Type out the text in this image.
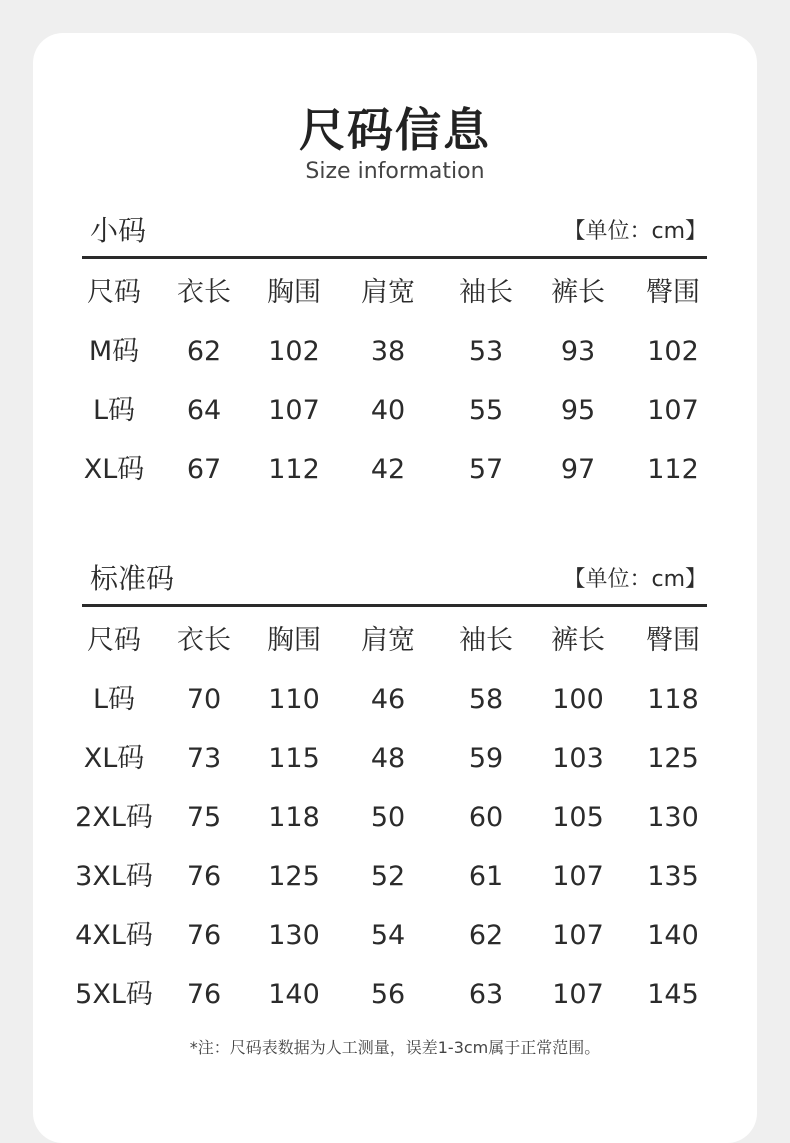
尺码信息
Size information
小码	【单位：cm】
尺码	衣长	胸围	肩宽	袖长	裤长	臀围
M码	62	102	38	53	93	102
L码	64	107	40	55	95	107
XL码	67	112	42	57	97	112
标准码	【单位：cm】
尺码	衣长	胸围	肩宽	袖长	裤长	臀围
L码	70	110	46	58	100	118
XL码	73	115	48	59	103	125
2XL码	75	118	50	60	105	130
3XL码	76	125	52	61	107	135
4XL码	76	130	54	62	107	140
5XL码	76	140	56	63	107	145
*注：尺码表数据为人工测量，误差1-3cm属于正常范围。
